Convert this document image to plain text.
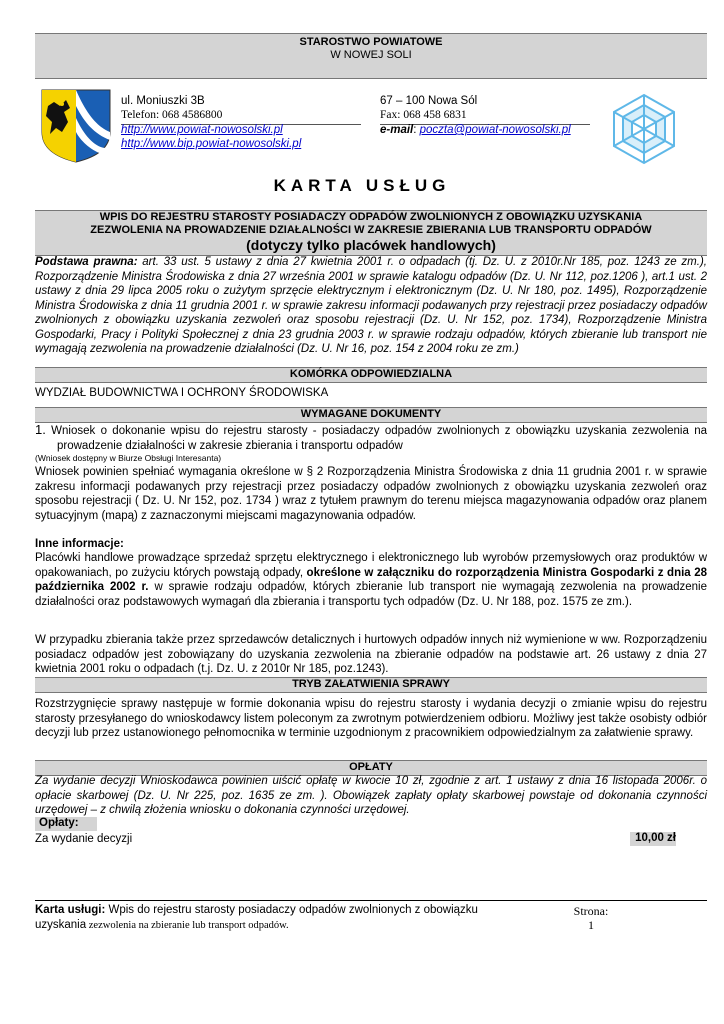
STAROSTWO POWIATOWE
W NOWEJ SOLI
ul. Moniuszki 3B
Telefon: 068 4586800
http://www.powiat-nowosolski.pl
http://www.bip.powiat-nowosolski.pl
67 – 100 Nowa Sól
Fax: 068 458 6831
e-mail: poczta@powiat-nowosolski.pl
KARTA USŁUG
WPIS DO REJESTRU STAROSTY POSIADACZY ODPADÓW ZWOLNIONYCH Z OBOWIĄZKU UZYSKANIA
ZEZWOLENIA NA PROWADZENIE DZIAŁALNOŚCI W ZAKRESIE ZBIERANIA LUB TRANSPORTU ODPADÓW
(dotyczy tylko placówek handlowych)
Podstawa prawna: art. 33 ust. 5 ustawy z dnia 27 kwietnia 2001 r. o odpadach (tj. Dz. U. z 2010r.Nr 185, poz. 1243 ze zm.), Rozporządzenie Ministra Środowiska z dnia 27 września 2001 w sprawie katalogu odpadów (Dz. U. Nr 112, poz.1206 ), art.1 ust. 2 ustawy z dnia 29 lipca 2005 roku o zużytym sprzęcie elektrycznym i elektronicznym (Dz. U. Nr 180, poz. 1495), Rozporządzenie Ministra Środowiska z dnia 11 grudnia 2001 r. w sprawie zakresu informacji podawanych przy rejestracji przez posiadaczy odpadów zwolnionych z obowiązku uzyskania zezwoleń oraz sposobu rejestracji (Dz. U. Nr 152, poz. 1734), Rozporządzenie Ministra Gospodarki, Pracy i Polityki Społecznej z dnia 23 grudnia 2003 r. w sprawie rodzaju odpadów, których zbieranie lub transport nie wymagają zezwolenia na prowadzenie działalności (Dz. U. Nr 16, poz. 154 z 2004 roku ze zm.)
KOMÓRKA ODPOWIEDZIALNA
WYDZIAŁ BUDOWNICTWA I OCHRONY ŚRODOWISKA
WYMAGANE DOKUMENTY
1. Wniosek o dokonanie wpisu do rejestru starosty - posiadaczy odpadów zwolnionych z obowiązku uzyskania zezwolenia na prowadzenie działalności w zakresie zbierania i transportu odpadów
(Wniosek dostępny w Biurze Obsługi Interesanta)
Wniosek powinien spełniać wymagania określone w § 2 Rozporządzenia Ministra Środowiska z dnia 11 grudnia 2001 r. w sprawie zakresu informacji podawanych przy rejestracji przez posiadaczy odpadów zwolnionych z obowiązku uzyskania zezwoleń oraz sposobu rejestracji ( Dz. U. Nr 152, poz. 1734 ) wraz z tytułem prawnym do terenu miejsca magazynowania odpadów oraz planem sytuacyjnym (mapą) z zaznaczonymi miejscami magazynowania odpadów.
Inne informacje:
Placówki handlowe prowadzące sprzedaż sprzętu elektrycznego i elektronicznego lub wyrobów przemysłowych oraz produktów w opakowaniach, po zużyciu których powstają odpady, określone w załączniku do rozporządzenia Ministra Gospodarki z dnia 28 października 2002 r. w sprawie rodzaju odpadów, których zbieranie lub transport nie wymagają zezwolenia na prowadzenie działalności oraz podstawowych wymagań dla zbierania i transportu tych odpadów (Dz. U. Nr 188, poz. 1575 ze zm.).
W przypadku zbierania także przez sprzedawców detalicznych i hurtowych odpadów innych niż wymienione w ww. Rozporządzeniu posiadacz odpadów jest zobowiązany do uzyskania zezwolenia na zbieranie odpadów na podstawie art. 26 ustawy z dnia 27 kwietnia 2001 roku o odpadach (t.j. Dz. U. z 2010r Nr 185, poz.1243).
TRYB ZAŁATWIENIA SPRAWY
Rozstrzygnięcie sprawy następuje w formie dokonania wpisu do rejestru starosty i wydania decyzji o zmianie wpisu do rejestru starosty przesyłanego do wnioskodawcy listem poleconym za zwrotnym potwierdzeniem odbioru. Możliwy jest także osobisty odbiór decyzji lub przez ustanowionego pełnomocnika w terminie uzgodnionym z pracownikiem odpowiedzialnym za załatwienie sprawy.
OPŁATY
Za wydanie decyzji Wnioskodawca powinien uiścić opłatę w kwocie 10 zł, zgodnie z art. 1 ustawy z dnia 16 listopada 2006r. o opłacie skarbowej (Dz. U. Nr 225, poz. 1635 ze zm. ). Obowiązek zapłaty opłaty skarbowej powstaje od dokonania czynności urzędowej – z chwilą złożenia wniosku o dokonania czynności urzędowej.
Opłaty:
Za wydanie decyzji	10,00 zł
Karta usługi: Wpis do rejestru starosty posiadaczy odpadów zwolnionych z obowiązku
uzyskania zezwolenia na zbieranie lub transport odpadów.
Strona:
1
